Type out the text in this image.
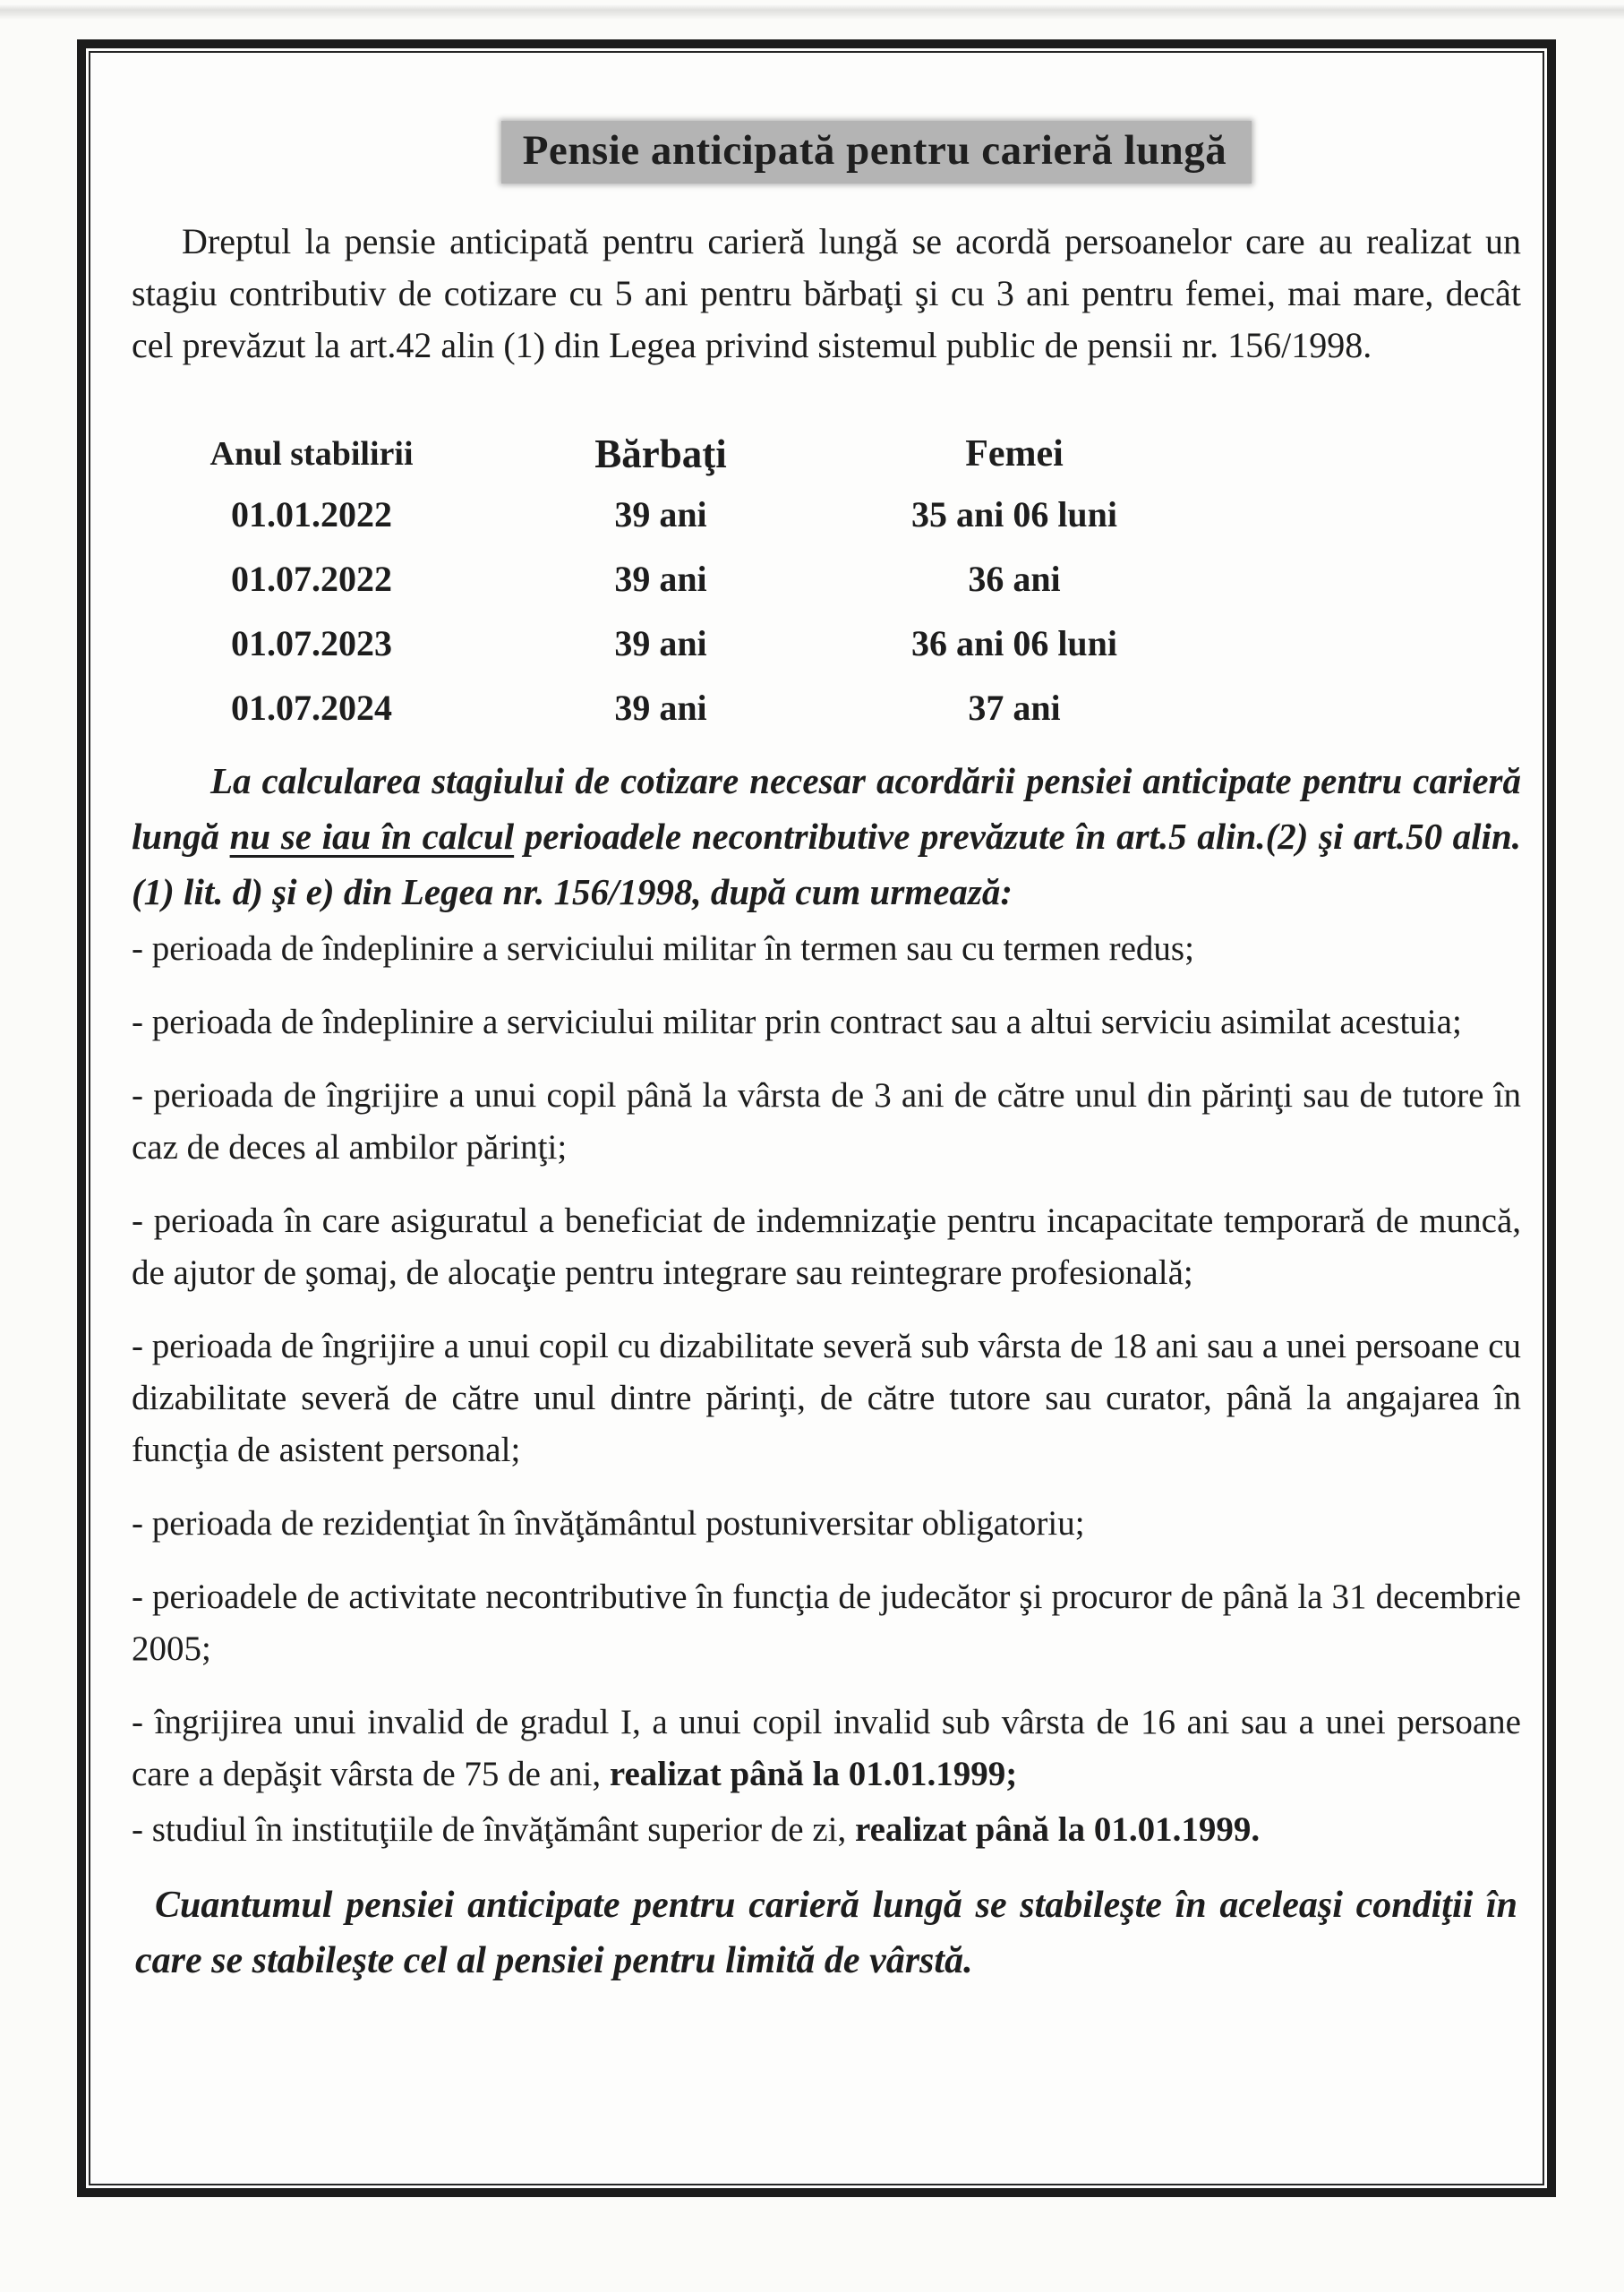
Pensie anticipată pentru carieră lungă

Dreptul la pensie anticipată pentru carieră lungă se acordă persoanelor care au realizat un stagiu contributiv de cotizare cu 5 ani pentru bărbaţi şi cu 3 ani pentru femei, mai mare, decât cel prevăzut la art.42 alin (1) din Legea privind sistemul public de pensii nr. 156/1998.

Anul stabilirii	Bărbaţi	Femei
01.01.2022	39 ani	35 ani 06 luni
01.07.2022	39 ani	36 ani
01.07.2023	39 ani	36 ani 06 luni
01.07.2024	39 ani	37 ani

La calcularea stagiului de cotizare necesar acordării pensiei anticipate pentru carieră lungă nu se iau în calcul perioadele necontributive prevăzute în art.5 alin.(2) şi art.50 alin.(1) lit. d) şi e) din Legea nr. 156/1998, după cum urmează:

- perioada de îndeplinire a serviciului militar în termen sau cu termen redus;

- perioada de îndeplinire a serviciului militar prin contract sau a altui serviciu asimilat acestuia;

- perioada de îngrijire a unui copil până la vârsta de 3 ani de către unul din părinţi sau de tutore în caz de deces al ambilor părinţi;

- perioada în care asiguratul a beneficiat de indemnizaţie pentru incapacitate temporară de muncă, de ajutor de şomaj, de alocaţie pentru integrare sau reintegrare profesională;

- perioada de îngrijire a unui copil cu dizabilitate severă sub vârsta de 18 ani sau a unei persoane cu dizabilitate severă de către unul dintre părinţi, de către tutore sau curator, până la angajarea în funcţia de asistent personal;

- perioada de rezidenţiat în învăţământul postuniversitar obligatoriu;

- perioadele de activitate necontributive în funcţia de judecător şi procuror de până la 31 decembrie 2005;

- îngrijirea unui invalid de gradul I, a unui copil invalid sub vârsta de 16 ani sau a unei persoane care a depăşit vârsta de 75 de ani, realizat până la 01.01.1999;

- studiul în instituţiile de învăţământ superior de zi, realizat până la 01.01.1999.

Cuantumul pensiei anticipate pentru carieră lungă se stabileşte în aceleaşi condiţii în care se stabileşte cel al pensiei pentru limită de vârstă.
